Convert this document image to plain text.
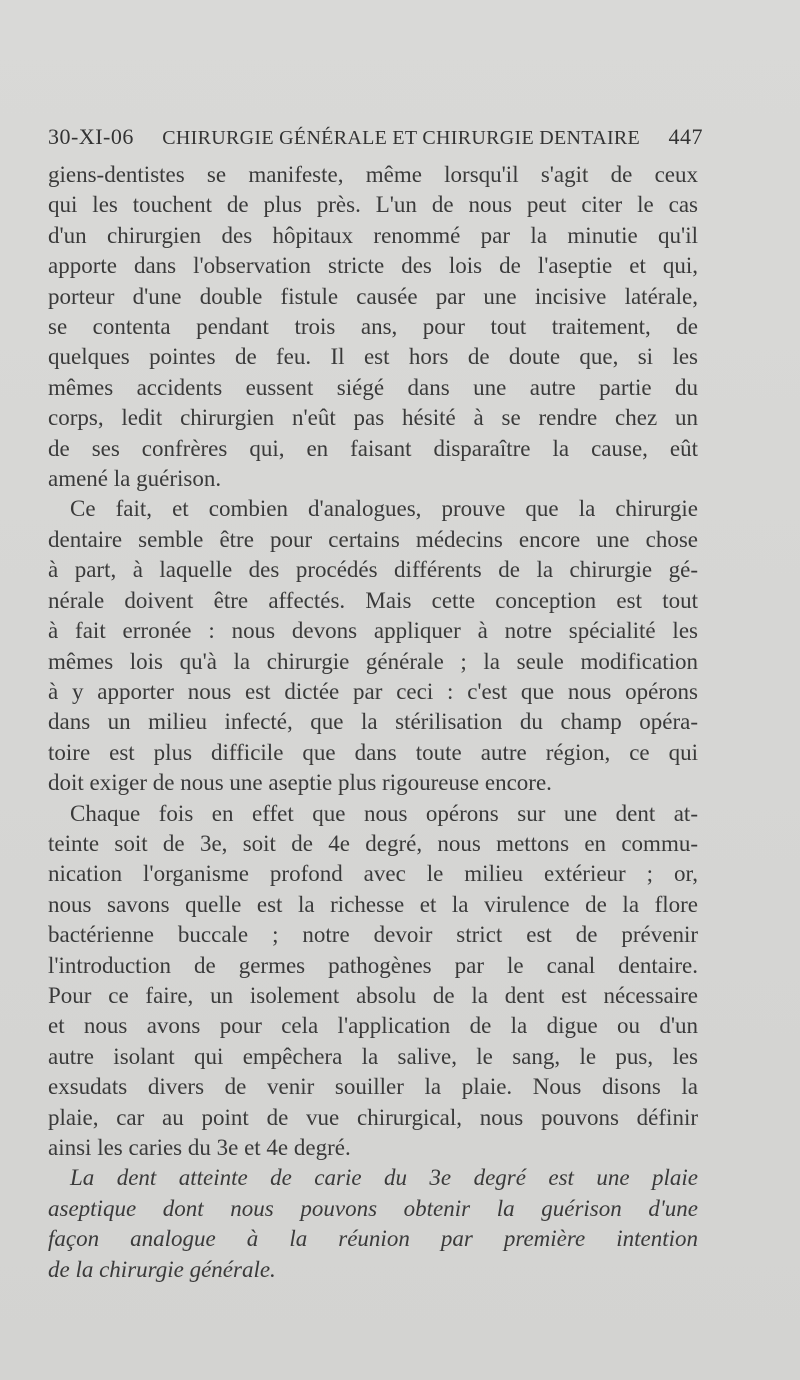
30-XI-06	CHIRURGIE GÉNÉRALE ET CHIRURGIE DENTAIRE	447
giens-dentistes se manifeste, même lorsqu'il s'agit de ceux
qui les touchent de plus près. L'un de nous peut citer le cas
d'un chirurgien des hôpitaux renommé par la minutie qu'il
apporte dans l'observation stricte des lois de l'aseptie et qui,
porteur d'une double fistule causée par une incisive latérale,
se contenta pendant trois ans, pour tout traitement, de
quelques pointes de feu. Il est hors de doute que, si les
mêmes accidents eussent siégé dans une autre partie du
corps, ledit chirurgien n'eût pas hésité à se rendre chez un
de ses confrères qui, en faisant disparaître la cause, eût
amené la guérison.
Ce fait, et combien d'analogues, prouve que la chirurgie
dentaire semble être pour certains médecins encore une chose
à part, à laquelle des procédés différents de la chirurgie gé-
nérale doivent être affectés. Mais cette conception est tout
à fait erronée : nous devons appliquer à notre spécialité les
mêmes lois qu'à la chirurgie générale ; la seule modification
à y apporter nous est dictée par ceci : c'est que nous opérons
dans un milieu infecté, que la stérilisation du champ opéra-
toire est plus difficile que dans toute autre région, ce qui
doit exiger de nous une aseptie plus rigoureuse encore.
Chaque fois en effet que nous opérons sur une dent at-
teinte soit de 3e, soit de 4e degré, nous mettons en commu-
nication l'organisme profond avec le milieu extérieur ; or,
nous savons quelle est la richesse et la virulence de la flore
bactérienne buccale ; notre devoir strict est de prévenir
l'introduction de germes pathogènes par le canal dentaire.
Pour ce faire, un isolement absolu de la dent est nécessaire
et nous avons pour cela l'application de la digue ou d'un
autre isolant qui empêchera la salive, le sang, le pus, les
exsudats divers de venir souiller la plaie. Nous disons la
plaie, car au point de vue chirurgical, nous pouvons définir
ainsi les caries du 3e et 4e degré.
La dent atteinte de carie du 3e degré est une plaie
aseptique dont nous pouvons obtenir la guérison d'une
façon analogue à la réunion par première intention
de la chirurgie générale.
